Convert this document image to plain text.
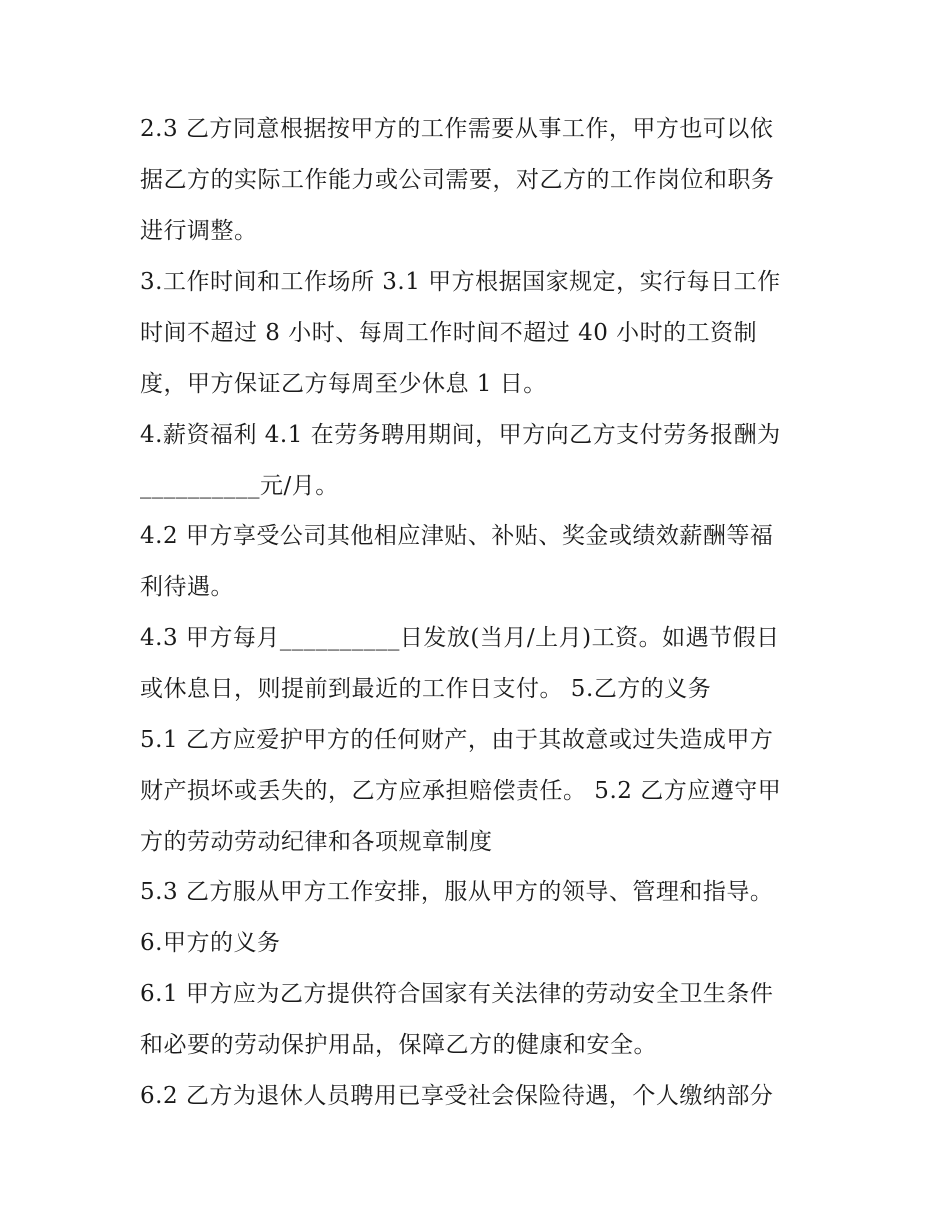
2.3 乙方同意根据按甲方的工作需要从事工作，甲方也可以依
据乙方的实际工作能力或公司需要，对乙方的工作岗位和职务
进行调整。
3.工作时间和工作场所 3.1 甲方根据国家规定，实行每日工作
时间不超过 8 小时、每周工作时间不超过 40 小时的工资制
度，甲方保证乙方每周至少休息 1 日。
4.薪资福利 4.1 在劳务聘用期间，甲方向乙方支付劳务报酬为
__________元/月。
4.2 甲方享受公司其他相应津贴、补贴、奖金或绩效薪酬等福
利待遇。
4.3 甲方每月__________日发放(当月/上月)工资。如遇节假日
或休息日，则提前到最近的工作日支付。 5.乙方的义务
5.1 乙方应爱护甲方的任何财产，由于其故意或过失造成甲方
财产损坏或丢失的，乙方应承担赔偿责任。 5.2 乙方应遵守甲
方的劳动劳动纪律和各项规章制度
5.3 乙方服从甲方工作安排，服从甲方的领导、管理和指导。
6.甲方的义务
6.1 甲方应为乙方提供符合国家有关法律的劳动安全卫生条件
和必要的劳动保护用品，保障乙方的健康和安全。
6.2 乙方为退休人员聘用已享受社会保险待遇，个人缴纳部分
